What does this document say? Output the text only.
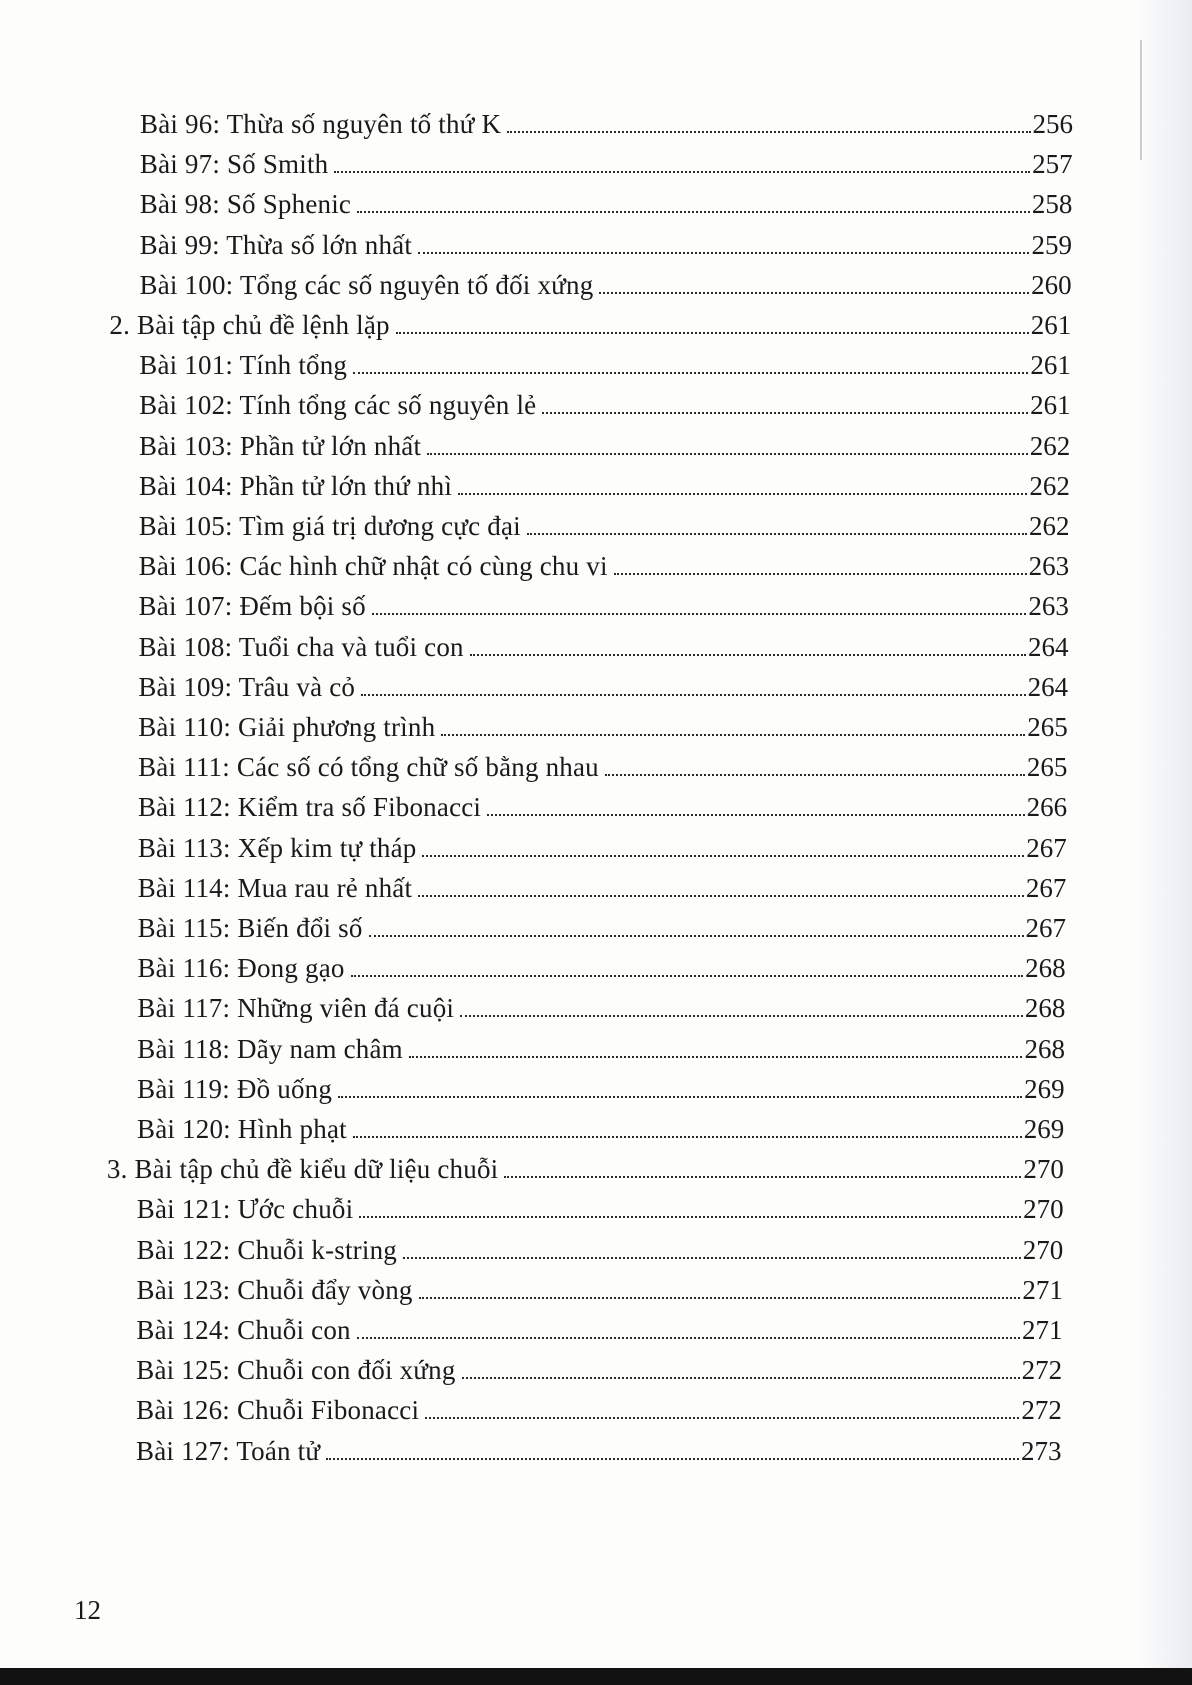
Bài 96: Thừa số nguyên tố thứ K	256
Bài 97: Số Smith	257
Bài 98: Số Sphenic	258
Bài 99: Thừa số lớn nhất	259
Bài 100: Tổng các số nguyên tố đối xứng	260
2. Bài tập chủ đề lệnh lặp	261
Bài 101: Tính tổng	261
Bài 102: Tính tổng các số nguyên lẻ	261
Bài 103: Phần tử lớn nhất	262
Bài 104: Phần tử lớn thứ nhì	262
Bài 105: Tìm giá trị dương cực đại	262
Bài 106: Các hình chữ nhật có cùng chu vi	263
Bài 107: Đếm bội số	263
Bài 108: Tuổi cha và tuổi con	264
Bài 109: Trâu và cỏ	264
Bài 110: Giải phương trình	265
Bài 111: Các số có tổng chữ số bằng nhau	265
Bài 112: Kiểm tra số Fibonacci	266
Bài 113: Xếp kim tự tháp	267
Bài 114: Mua rau rẻ nhất	267
Bài 115: Biến đổi số	267
Bài 116: Đong gạo	268
Bài 117: Những viên đá cuội	268
Bài 118: Dãy nam châm	268
Bài 119: Đồ uống	269
Bài 120: Hình phạt	269
3. Bài tập chủ đề kiểu dữ liệu chuỗi	270
Bài 121: Ước chuỗi	270
Bài 122: Chuỗi k-string	270
Bài 123: Chuỗi đẩy vòng	271
Bài 124: Chuỗi con	271
Bài 125: Chuỗi con đối xứng	272
Bài 126: Chuỗi Fibonacci	272
Bài 127: Toán tử	273
12
